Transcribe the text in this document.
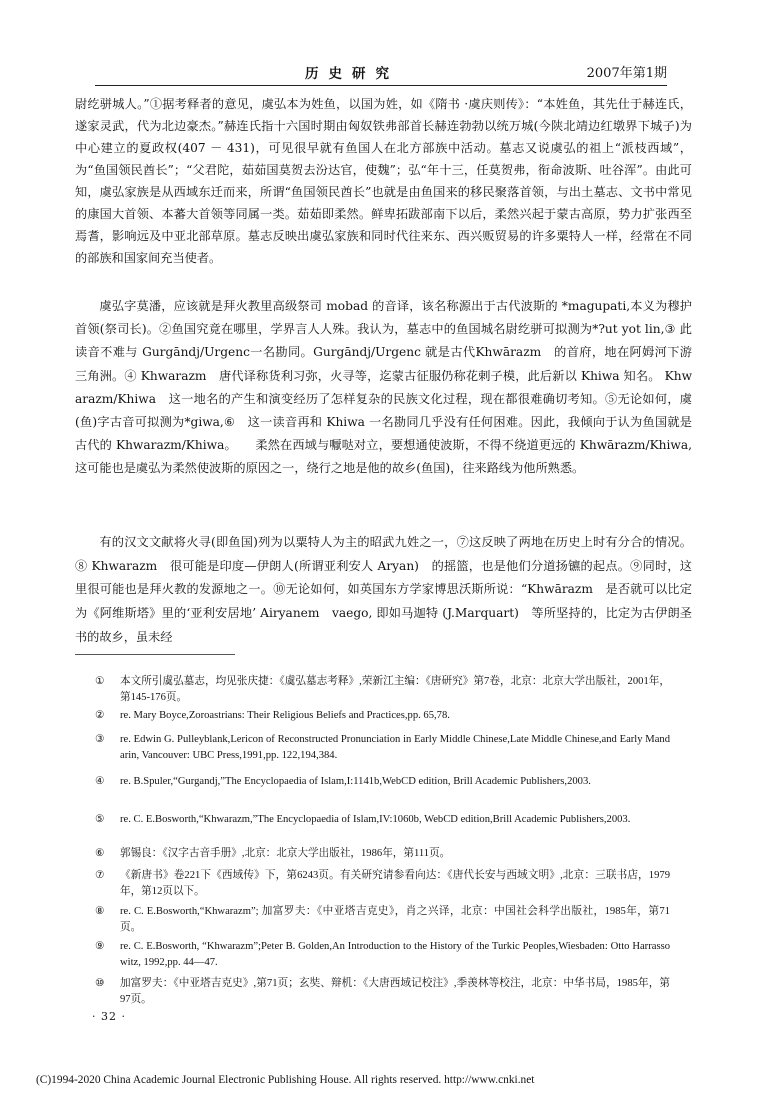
历史研究	2007年第1期

尉纥骈城人。”①据考释者的意见，虞弘本为姓鱼，以国为姓，如《隋书 ·虞庆则传》：“本姓鱼，其先仕于赫连氏，遂家灵武，代为北边豪杰。”赫连氏指十六国时期由匈奴铁弗部首长赫连勃勃以统万城(今陕北靖边红墩界下城子)为中心建立的夏政权(407 － 431)，可见很早就有鱼国人在北方部族中活动。墓志又说虞弘的祖上“派枝西域”，为“鱼国领民酋长”；“父君陀，茹茹国莫贺去汾达官，使魏”；弘“年十三，任莫贺弗，衔命波斯、吐谷浑”。由此可知，虞弘家族是从西域东迁而来，所谓“鱼国领民酋长”也就是由鱼国来的移民聚落首领，与出土墓志、文书中常见的康国大首领、本蕃大首领等同属一类。茹茹即柔然。鲜卑拓跋部南下以后，柔然兴起于蒙古高原，势力扩张西至焉耆，影响远及中亚北部草原。墓志反映出虞弘家族和同时代往来东、西兴贩贸易的许多粟特人一样，经常在不同的部族和国家间充当使者。

虞弘字莫潘，应该就是拜火教里高级祭司 mobad 的音译，该名称源出于古代波斯的 *magupati,本义为穆护首领(祭司长)。②鱼国究竟在哪里，学界言人人殊。我认为，墓志中的鱼国城名尉纥骈可拟测为*?ut yot lin,③ 此读音不难与 Gurgāndj/Urgenc一名勘同。Gurgāndj/Urgenc 就是古代Khwārazm　的首府，地在阿姆河下游三角洲。④ Khwarazm　唐代译称货利习弥，火寻等，迄蒙古征服仍称花剌子模，此后新以 Khiwa 知名。 Khwarazm/Khiwa　这一地名的产生和演变经历了怎样复杂的民族文化过程，现在都很难确切考知。⑤无论如何，虞(鱼)字古音可拟测为*giwa,⑥　这一读音再和 Khiwa 一名勘同几乎没有任何困难。因此，我倾向于认为鱼国就是古代的 Khwarazm/Khiwa。　　柔然在西域与嚈哒对立，要想通使波斯，不得不绕道更远的 Khwārazm/Khiwa,　　这可能也是虞弘为柔然使波斯的原因之一，绕行之地是他的故乡(鱼国)，往来路线为他所熟悉。

有的汉文文献将火寻(即鱼国)列为以粟特人为主的昭武九姓之一，⑦这反映了两地在历史上时有分合的情况。⑧ Khwarazm　很可能是印度—伊朗人(所谓亚利安人 Aryan)　的摇篮，也是他们分道扬镳的起点。⑨同时，这里很可能也是拜火教的发源地之一。⑩无论如何，如英国东方学家博思沃斯所说：“Khwārazm　是否就可以比定为《阿维斯塔》里的‘亚利安居地’ Airyanem　vaego, 即如马迦特 (J.Marquart)　等所坚持的，比定为古伊朗圣书的故乡，虽未经

① 本文所引虞弘墓志，均见张庆捷：《虞弘墓志考释》,荣新江主编：《唐研究》第7卷，北京：北京大学出版社，2001年，第145-176页。
② re. Mary Boyce,Zoroastrians: Their Religious Beliefs and Practices,pp. 65,78.
③ re. Edwin G. Pulleyblank,Lericon of Reconstructed Pronunciation in Early Middle Chinese,Late Middle Chinese,and Early Mandarin, Vancouver: UBC Press,1991,pp. 122,194,384.
④ re. B.Spuler,“Gurgandj,”The Encyclopaedia of Islam,I:1141b,WebCD edition, Brill Academic Publishers,2003.
⑤ re. C. E.Bosworth,“Khwarazm,”The Encyclopaedia of Islam,IV:1060b, WebCD edition,Brill Academic Publishers,2003.
⑥ 郭锡良：《汉字古音手册》,北京：北京大学出版社，1986年，第111页。
⑦ 《新唐书》卷221下《西域传》下，第6243页。有关研究请参看向达：《唐代长安与西域文明》,北京：三联书店，1979年，第12页以下。
⑧ re. C. E.Bosworth,“Khwarazm”; 加富罗夫：《中亚塔吉克史》，肖之兴译，北京：中国社会科学出版社，1985年，第71页。
⑨ re. C. E.Bosworth, “Khwarazm”;Peter B. Golden,An Introduction to the History of the Turkic Peoples,Wiesbaden: Otto Harrassowitz, 1992,pp. 44—47.
⑩ 加富罗夫：《中亚塔吉克史》,第71页；玄奘、辩机：《大唐西域记校注》,季羡林等校注，北京：中华书局，1985年，第97页。
· 32 ·
(C)1994-2020 China Academic Journal Electronic Publishing House. All rights reserved. http://www.cnki.net
